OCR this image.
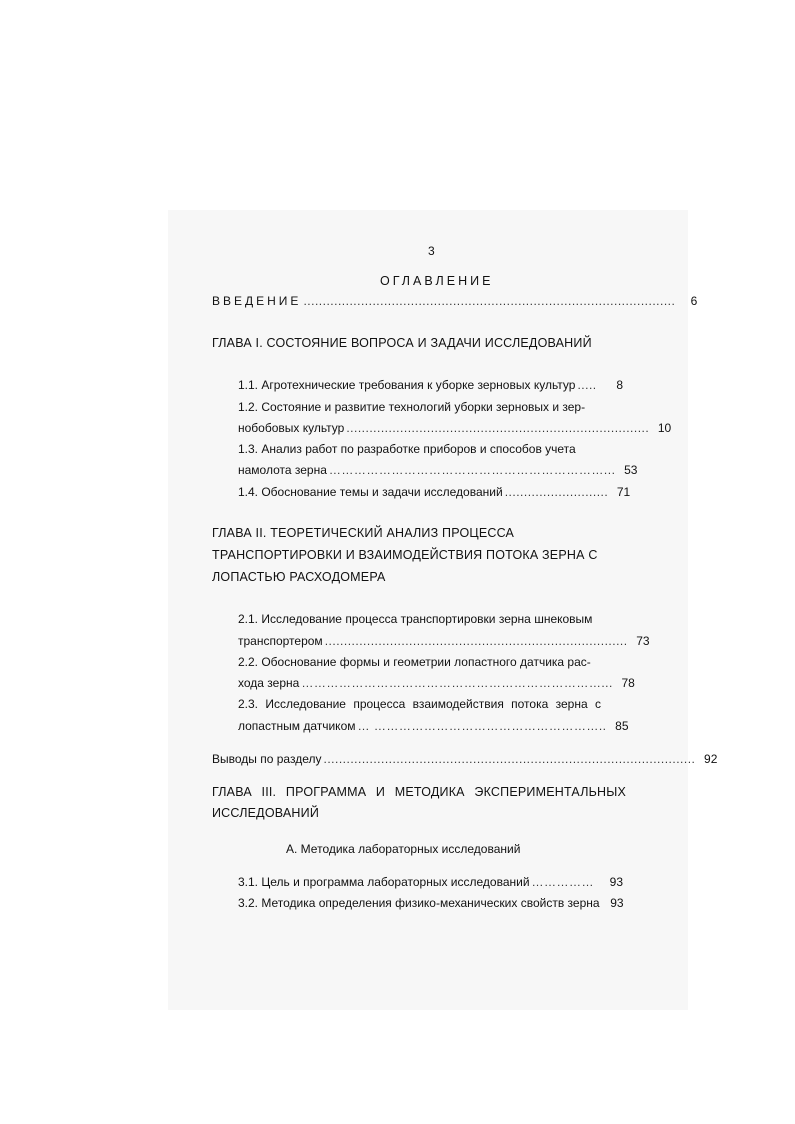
3
ОГЛАВЛЕНИЕ
ВВЕДЕНИЕ .................................................................................................	6
ГЛАВА I. СОСТОЯНИЕ ВОПРОСА И ЗАДАЧИ ИССЛЕДОВАНИЙ
1.1. Агротехнические требования к уборке зерновых культур .....	8
1.2. Состояние и развитие технологий уборки зерновых и зер-
нобобовых культур ............................................................................... 10
1.3. Анализ работ по разработке приборов и способов учета
намолота зерна …………………………………………………………... 53
1.4. Обоснование темы и задачи исследований ........................... 71
ГЛАВА II. ТЕОРЕТИЧЕСКИЙ АНАЛИЗ ПРОЦЕССА
ТРАНСПОРТИРОВКИ И ВЗАИМОДЕЙСТВИЯ ПОТОКА ЗЕРНА С
ЛОПАСТЬЮ РАСХОДОМЕРА
2.1. Исследование процесса транспортировки зерна шнековым
транспортером ............................................................................... 73
2.2. Обоснование формы и геометрии лопастного датчика рас-
хода зерна ………………………………………………………………... 78
2.3. Исследование процесса взаимодействия потока зерна с
лопастным датчиком … ……………………………………………….. 85
Выводы по разделу ................................................................................................. 92
ГЛАВА III. ПРОГРАММА И МЕТОДИКА ЭКСПЕРИМЕНТАЛЬНЫХ
ИССЛЕДОВАНИЙ
А. Методика лабораторных исследований
3.1. Цель и программа лабораторных исследований ……………	93
3.2. Методика определения физико-механических свойств зерна 93
